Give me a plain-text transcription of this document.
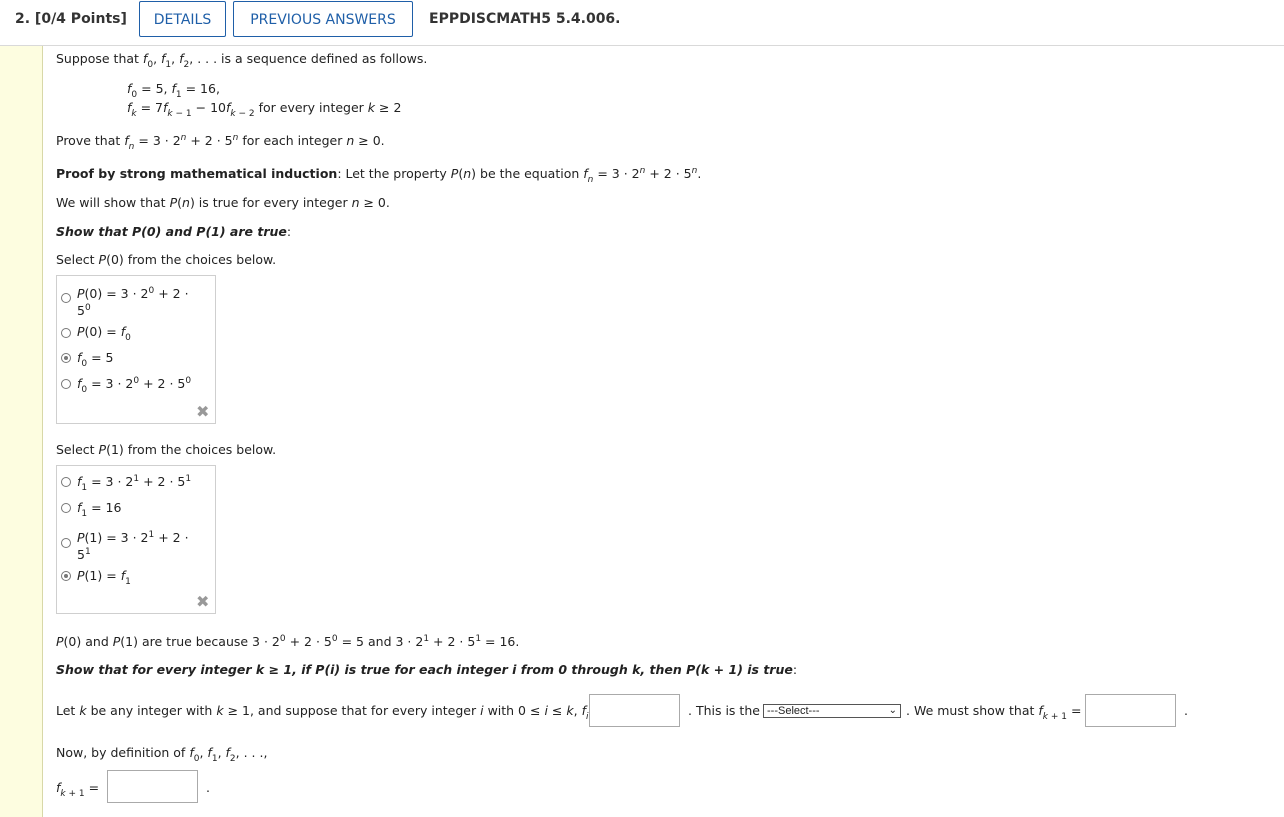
2. [0/4 Points]	DETAILS	PREVIOUS ANSWERS	EPPDISCMATH5 5.4.006.
Suppose that $f_0$, $f_1$, $f_2$, . . . is a sequence defined as follows.
$f_0 = 5$, $f_1 = 16$,
$f_k = 7f_{k - 1} - 10f_{k - 2}$ for every integer k ≥ 2
Prove that $f_n = 3 \cdot 2^n + 2 \cdot 5^n$ for each integer n ≥ 0.
Proof by strong mathematical induction: Let the property P(n) be the equation $f_n = 3 \cdot 2^n + 2 \cdot 5^n$.
We will show that P(n) is true for every integer n ≥ 0.
Show that P(0) and P(1) are true:
Select P(0) from the choices below.
$P(0) = 3 \cdot 2^0 + 2$ ·
$5^0$
$P(0) = f_0$
$f_0 = 5$
$f_0 = 3 \cdot 2^0 + 2 \cdot 5^0$
✖
Select P(1) from the choices below.
$f_1 = 3 \cdot 2^1 + 2 \cdot 5^1$
$f_1 = 16$
$P(1) = 3 \cdot 2^1 + 2$ ·
$5^1$
$P(1) = f_1$
✖
P(0) and P(1) are true because $3 \cdot 2^0 + 2 \cdot 5^0 = 5$ and $3 \cdot 2^1 + 2 \cdot 5^1 = 16$.
Show that for every integer k ≥ 1, if P(i) is true for each integer i from 0 through k, then P(k + 1) is true:
Let k be any integer with k ≥ 1, and suppose that for every integer i with 0 ≤ i ≤ k, $f_i$	. This is the ---Select---	⌄ . We must show that $f_{k + 1}$ =	.
Now, by definition of $f_0$, $f_1$, $f_2$, . . .,
$f_{k + 1}$ =	.
